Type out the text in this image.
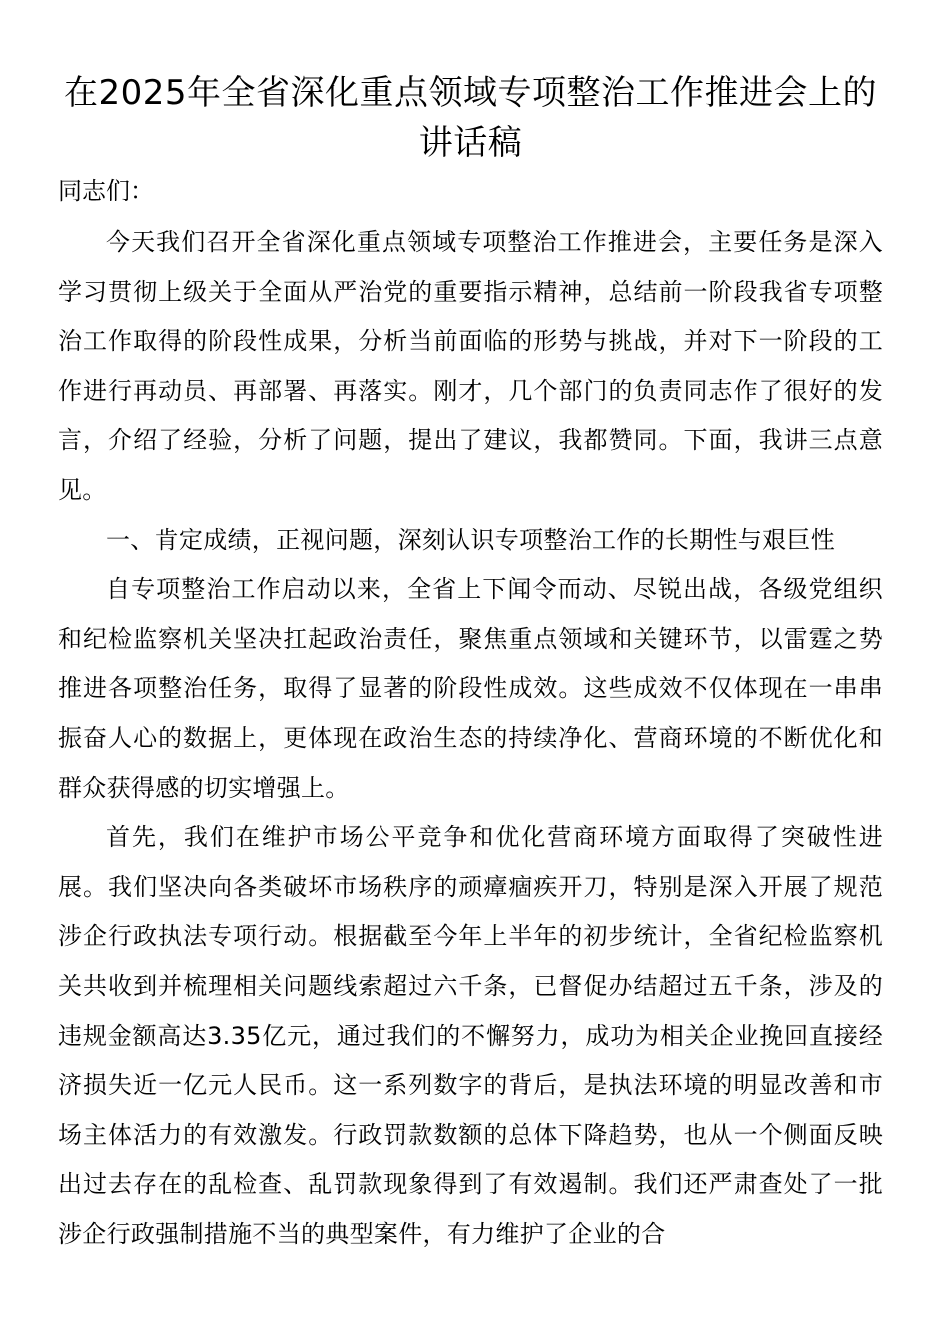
在2025年全省深化重点领域专项整治工作推进会上的讲话稿

同志们：

今天我们召开全省深化重点领域专项整治工作推进会，主要任务是深入学习贯彻上级关于全面从严治党的重要指示精神，总结前一阶段我省专项整治工作取得的阶段性成果，分析当前面临的形势与挑战，并对下一阶段的工作进行再动员、再部署、再落实。刚才，几个部门的负责同志作了很好的发言，介绍了经验，分析了问题，提出了建议，我都赞同。下面，我讲三点意见。

一、肯定成绩，正视问题，深刻认识专项整治工作的长期性与艰巨性

自专项整治工作启动以来，全省上下闻令而动、尽锐出战，各级党组织和纪检监察机关坚决扛起政治责任，聚焦重点领域和关键环节，以雷霆之势推进各项整治任务，取得了显著的阶段性成效。这些成效不仅体现在一串串振奋人心的数据上，更体现在政治生态的持续净化、营商环境的不断优化和群众获得感的切实增强上。

首先，我们在维护市场公平竞争和优化营商环境方面取得了突破性进展。我们坚决向各类破坏市场秩序的顽瘴痼疾开刀，特别是深入开展了规范涉企行政执法专项行动。根据截至今年上半年的初步统计，全省纪检监察机关共收到并梳理相关问题线索超过六千条，已督促办结超过五千条，涉及的违规金额高达3.35亿元，通过我们的不懈努力，成功为相关企业挽回直接经济损失近一亿元人民币。这一系列数字的背后，是执法环境的明显改善和市场主体活力的有效激发。行政罚款数额的总体下降趋势，也从一个侧面反映出过去存在的乱检查、乱罚款现象得到了有效遏制。我们还严肃查处了一批涉企行政强制措施不当的典型案件，有力维护了企业的合
